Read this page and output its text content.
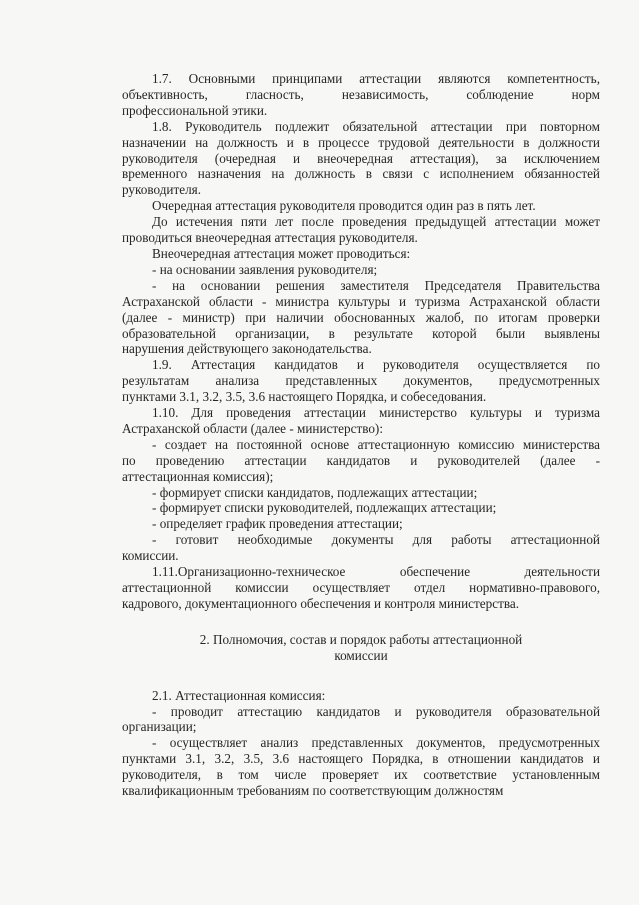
1.7. Основными принципами аттестации являются компетентность,
объективность, гласность, независимость, соблюдение норм
профессиональной этики.
1.8. Руководитель подлежит обязательной аттестации при повторном
назначении на должность и в процессе трудовой деятельности в должности
руководителя (очередная и внеочередная аттестация), за исключением
временного назначения на должность в связи с исполнением обязанностей
руководителя.
Очередная аттестация руководителя проводится один раз в пять лет.
До истечения пяти лет после проведения предыдущей аттестации может
проводиться внеочередная аттестация руководителя.
Внеочередная аттестация может проводиться:
- на основании заявления руководителя;
- на основании решения заместителя Председателя Правительства
Астраханской области - министра культуры и туризма Астраханской области
(далее - министр) при наличии обоснованных жалоб, по итогам проверки
образовательной организации, в результате которой были выявлены
нарушения действующего законодательства.
1.9. Аттестация кандидатов и руководителя осуществляется по
результатам анализа представленных документов, предусмотренных
пунктами 3.1, 3.2, 3.5, 3.6 настоящего Порядка, и собеседования.
1.10. Для проведения аттестации министерство культуры и туризма
Астраханской области (далее - министерство):
- создает на постоянной основе аттестационную комиссию министерства
по проведению аттестации кандидатов и руководителей (далее -
аттестационная комиссия);
- формирует списки кандидатов, подлежащих аттестации;
- формирует списки руководителей, подлежащих аттестации;
- определяет график проведения аттестации;
- готовит необходимые документы для работы аттестационной
комиссии.
1.11.Организационно-техническое обеспечение деятельности
аттестационной комиссии осуществляет отдел нормативно-правового,
кадрового, документационного обеспечения и контроля министерства.
2. Полномочия, состав и порядок работы аттестационной
комиссии
2.1. Аттестационная комиссия:
- проводит аттестацию кандидатов и руководителя образовательной
организации;
- осуществляет анализ представленных документов, предусмотренных
пунктами 3.1, 3.2, 3.5, 3.6 настоящего Порядка, в отношении кандидатов и
руководителя, в том числе проверяет их соответствие установленным
квалификационным требованиям по соответствующим должностям
